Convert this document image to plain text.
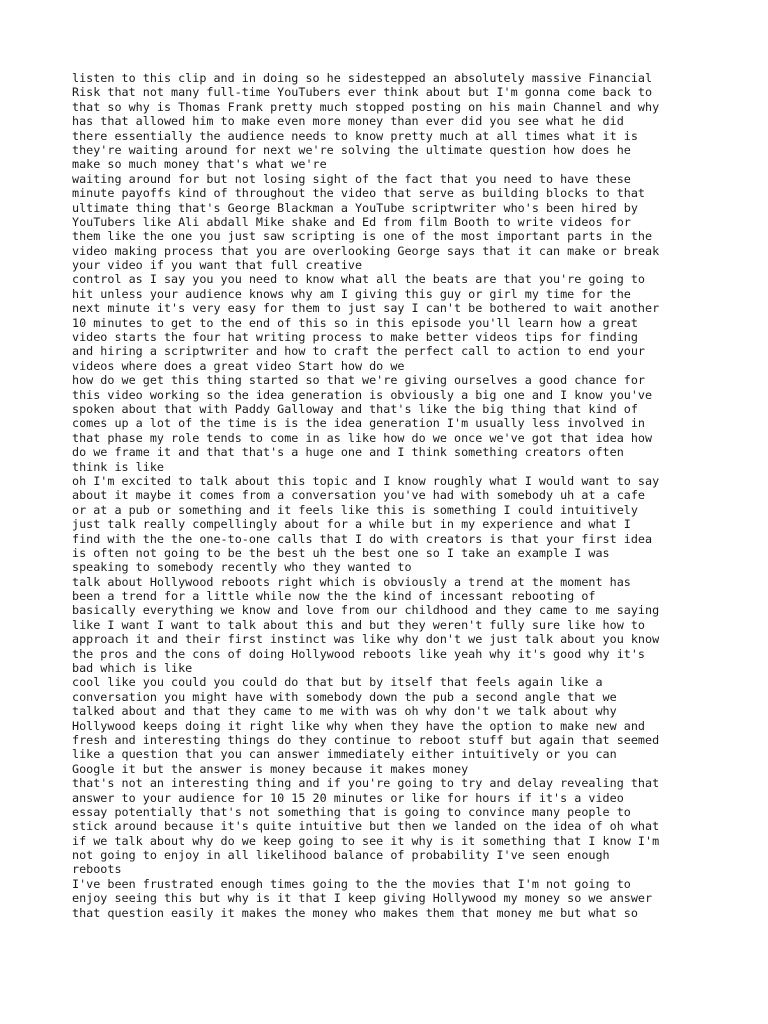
listen to this clip and in doing so he sidestepped an absolutely massive Financial
Risk that not many full-time YouTubers ever think about but I'm gonna come back to
that so why is Thomas Frank pretty much stopped posting on his main Channel and why
has that allowed him to make even more money than ever did you see what he did
there essentially the audience needs to know pretty much at all times what it is
they're waiting around for next we're solving the ultimate question how does he
make so much money that's what we're
waiting around for but not losing sight of the fact that you need to have these
minute payoffs kind of throughout the video that serve as building blocks to that
ultimate thing that's George Blackman a YouTube scriptwriter who's been hired by
YouTubers like Ali abdall Mike shake and Ed from film Booth to write videos for
them like the one you just saw scripting is one of the most important parts in the
video making process that you are overlooking George says that it can make or break
your video if you want that full creative
control as I say you you need to know what all the beats are that you're going to
hit unless your audience knows why am I giving this guy or girl my time for the
next minute it's very easy for them to just say I can't be bothered to wait another
10 minutes to get to the end of this so in this episode you'll learn how a great
video starts the four hat writing process to make better videos tips for finding
and hiring a scriptwriter and how to craft the perfect call to action to end your
videos where does a great video Start how do we
how do we get this thing started so that we're giving ourselves a good chance for
this video working so the idea generation is obviously a big one and I know you've
spoken about that with Paddy Galloway and that's like the big thing that kind of
comes up a lot of the time is is the idea generation I'm usually less involved in
that phase my role tends to come in as like how do we once we've got that idea how
do we frame it and that that's a huge one and I think something creators often
think is like
oh I'm excited to talk about this topic and I know roughly what I would want to say
about it maybe it comes from a conversation you've had with somebody uh at a cafe
or at a pub or something and it feels like this is something I could intuitively
just talk really compellingly about for a while but in my experience and what I
find with the the one-to-one calls that I do with creators is that your first idea
is often not going to be the best uh the best one so I take an example I was
speaking to somebody recently who they wanted to
talk about Hollywood reboots right which is obviously a trend at the moment has
been a trend for a little while now the the kind of incessant rebooting of
basically everything we know and love from our childhood and they came to me saying
like I want I want to talk about this and but they weren't fully sure like how to
approach it and their first instinct was like why don't we just talk about you know
the pros and the cons of doing Hollywood reboots like yeah why it's good why it's
bad which is like
cool like you could you could do that but by itself that feels again like a
conversation you might have with somebody down the pub a second angle that we
talked about and that they came to me with was oh why don't we talk about why
Hollywood keeps doing it right like why when they have the option to make new and
fresh and interesting things do they continue to reboot stuff but again that seemed
like a question that you can answer immediately either intuitively or you can
Google it but the answer is money because it makes money
that's not an interesting thing and if you're going to try and delay revealing that
answer to your audience for 10 15 20 minutes or like for hours if it's a video
essay potentially that's not something that is going to convince many people to
stick around because it's quite intuitive but then we landed on the idea of oh what
if we talk about why do we keep going to see it why is it something that I know I'm
not going to enjoy in all likelihood balance of probability I've seen enough
reboots
I've been frustrated enough times going to the the movies that I'm not going to
enjoy seeing this but why is it that I keep giving Hollywood my money so we answer
that question easily it makes the money who makes them that money me but what so
